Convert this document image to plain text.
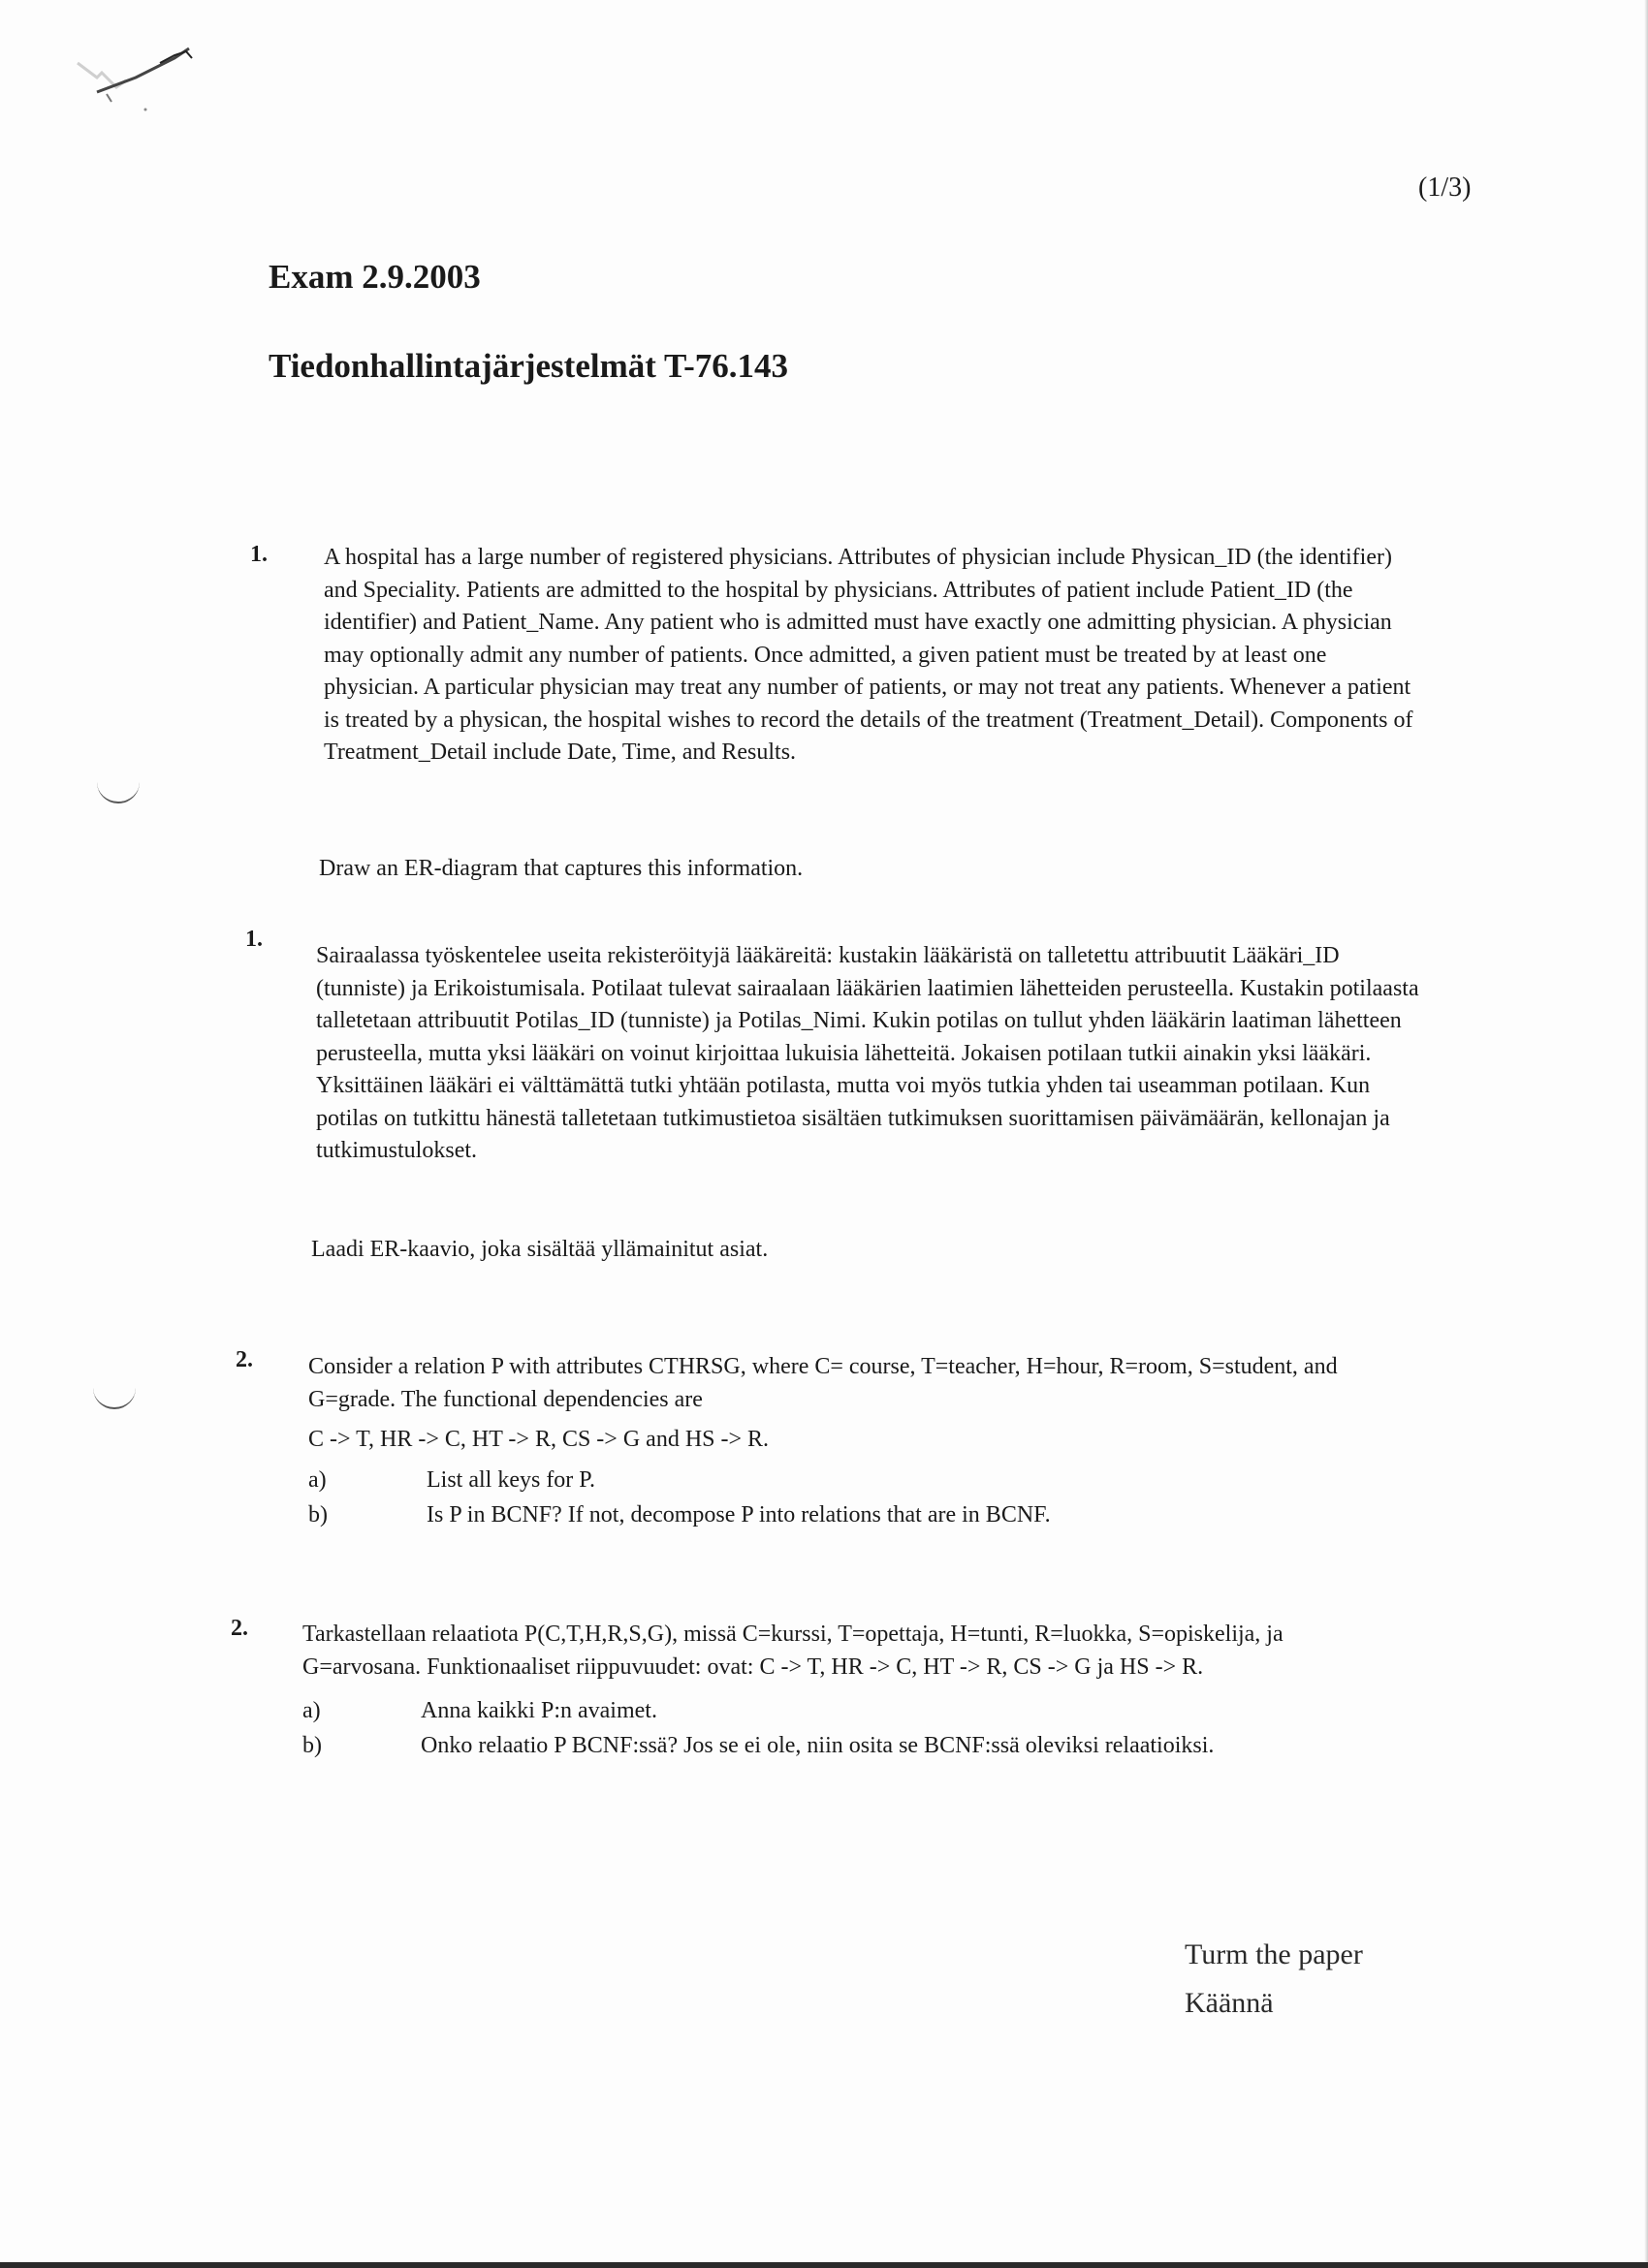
(1/3)
Exam 2.9.2003
Tiedonhallintajärjestelmät T-76.143
1. A hospital has a large number of registered physicians. Attributes of physician include Physican_ID (the identifier) and Speciality. Patients are admitted to the hospital by physicians. Attributes of patient include Patient_ID (the identifier) and Patient_Name. Any patient who is admitted must have exactly one admitting physician. A physician may optionally admit any number of patients. Once admitted, a given patient must be treated by at least one physician. A particular physician may treat any number of patients, or may not treat any patients. Whenever a patient is treated by a physican, the hospital wishes to record the details of the treatment (Treatment_Detail). Components of Treatment_Detail include Date, Time, and Results.

Draw an ER-diagram that captures this information.
1.

Sairaalassa työskentelee useita rekisteröityjä lääkäreitä: kustakin lääkäristä on talletettu attribuutit Lääkäri_ID (tunniste) ja Erikoistumisala. Potilaat tulevat sairaalaan lääkärien laatimien lähetteiden perusteella. Kustakin potilaasta talletetaan attribuutit Potilas_ID (tunniste) ja Potilas_Nimi. Kukin potilas on tullut yhden lääkärin laatiman lähetteen perusteella, mutta yksi lääkäri on voinut kirjoittaa lukuisia lähetteitä. Jokaisen potilaan tutkii ainakin yksi lääkäri. Yksittäinen lääkäri ei välttämättä tutki yhtään potilasta, mutta voi myös tutkia yhden tai useamman potilaan. Kun potilas on tutkittu hänestä talletetaan tutkimustietoa sisältäen tutkimuksen suorittamisen päivämäärän, kellonajan ja tutkimustulokset.

Laadi ER-kaavio, joka sisältää yllämainitut asiat.
2. Consider a relation P with attributes CTHRSG, where C= course, T=teacher, H=hour, R=room, S=student, and G=grade. The functional dependencies are

C -> T, HR -> C, HT -> R, CS -> G and HS -> R.
a)	List all keys for P.
b)	Is P in BCNF? If not, decompose P into relations that are in BCNF.
2. Tarkastellaan relaatiota P(C,T,H,R,S,G), missä C=kurssi, T=opettaja, H=tunti, R=luokka, S=opiskelija, ja G=arvosana. Funktionaaliset riippuvuudet: ovat: C -> T, HR -> C, HT -> R, CS -> G ja HS -> R.

a)	Anna kaikki P:n avaimet.
b)	Onko relaatio P BCNF:ssä? Jos se ei ole, niin osita se BCNF:ssä oleviksi relaatioiksi.
Turm the paper
Käännä
